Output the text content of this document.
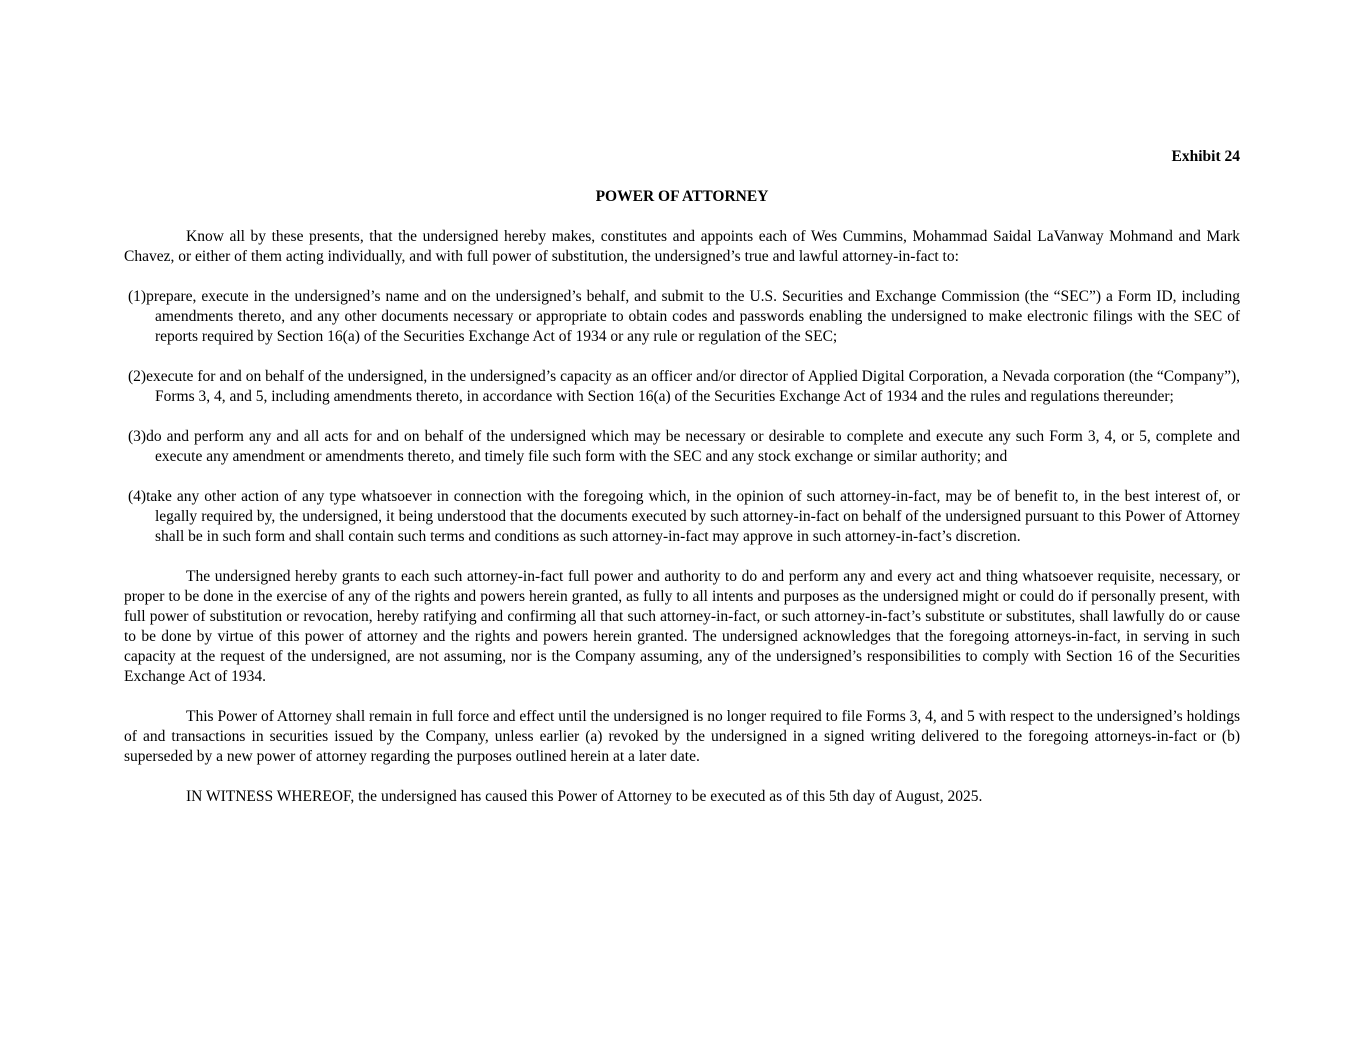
Exhibit 24
POWER OF ATTORNEY

Know all by these presents, that the undersigned hereby makes, constitutes and appoints each of Wes Cummins, Mohammad Saidal LaVanway Mohmand and Mark Chavez, or either of them acting individually, and with full power of substitution, the undersigned’s true and lawful attorney-in-fact to:

(1)prepare, execute in the undersigned’s name and on the undersigned’s behalf, and submit to the U.S. Securities and Exchange Commission (the “SEC”) a Form ID, including amendments thereto, and any other documents necessary or appropriate to obtain codes and passwords enabling the undersigned to make electronic filings with the SEC of reports required by Section 16(a) of the Securities Exchange Act of 1934 or any rule or regulation of the SEC;
(2)execute for and on behalf of the undersigned, in the undersigned’s capacity as an officer and/or director of Applied Digital Corporation, a Nevada corporation (the “Company”), Forms 3, 4, and 5, including amendments thereto, in accordance with Section 16(a) of the Securities Exchange Act of 1934 and the rules and regulations thereunder;
(3)do and perform any and all acts for and on behalf of the undersigned which may be necessary or desirable to complete and execute any such Form 3, 4, or 5, complete and execute any amendment or amendments thereto, and timely file such form with the SEC and any stock exchange or similar authority; and
(4)take any other action of any type whatsoever in connection with the foregoing which, in the opinion of such attorney-in-fact, may be of benefit to, in the best interest of, or legally required by, the undersigned, it being understood that the documents executed by such attorney-in-fact on behalf of the undersigned pursuant to this Power of Attorney shall be in such form and shall contain such terms and conditions as such attorney-in-fact may approve in such attorney-in-fact’s discretion.

The undersigned hereby grants to each such attorney-in-fact full power and authority to do and perform any and every act and thing whatsoever requisite, necessary, or proper to be done in the exercise of any of the rights and powers herein granted, as fully to all intents and purposes as the undersigned might or could do if personally present, with full power of substitution or revocation, hereby ratifying and confirming all that such attorney-in-fact, or such attorney-in-fact’s substitute or substitutes, shall lawfully do or cause to be done by virtue of this power of attorney and the rights and powers herein granted. The undersigned acknowledges that the foregoing attorneys-in-fact, in serving in such capacity at the request of the undersigned, are not assuming, nor is the Company assuming, any of the undersigned’s responsibilities to comply with Section 16 of the Securities Exchange Act of 1934.

This Power of Attorney shall remain in full force and effect until the undersigned is no longer required to file Forms 3, 4, and 5 with respect to the undersigned’s holdings of and transactions in securities issued by the Company, unless earlier (a) revoked by the undersigned in a signed writing delivered to the foregoing attorneys-in-fact or (b) superseded by a new power of attorney regarding the purposes outlined herein at a later date.

IN WITNESS WHEREOF, the undersigned has caused this Power of Attorney to be executed as of this 5th day of August, 2025.
